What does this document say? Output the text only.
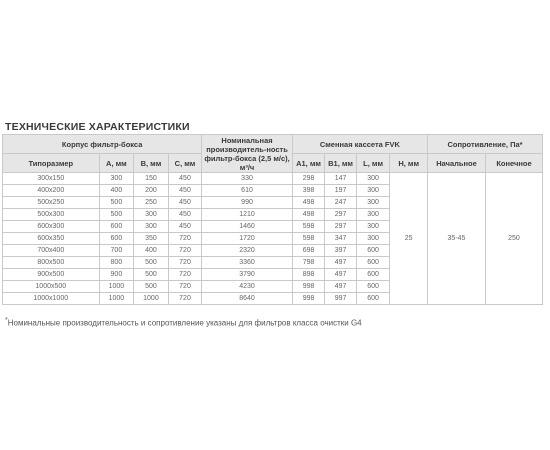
ТЕХНИЧЕСКИЕ ХАРАКТЕРИСТИКИ
Корпус фильтр-бокса				Номинальная производитель-ность фильтр-бокса (2,5 м/с), м³/ч	Сменная кассета FVK				Сопротивление, Па*	
Типоразмер	А, мм	В, мм	С, мм		А1, мм	В1, мм	L, мм	Н, мм	Начальное	Конечное
300x150	300	150	450	330	298	147	300	25	35-45	250
400x200	400	200	450	610	398	197	300			
500x250	500	250	450	990	498	247	300			
500x300	500	300	450	1210	498	297	300			
600x300	600	300	450	1460	598	297	300			
600x350	600	350	720	1720	598	347	300			
700x400	700	400	720	2320	698	397	600			
800x500	800	500	720	3360	798	497	600			
900x500	900	500	720	3790	898	497	600			
1000x500	1000	500	720	4230	998	497	600			
1000x1000	1000	1000	720	8640	998	997	600			
*Номинальные производительность и сопротивление указаны для фильтров класса очистки G4
